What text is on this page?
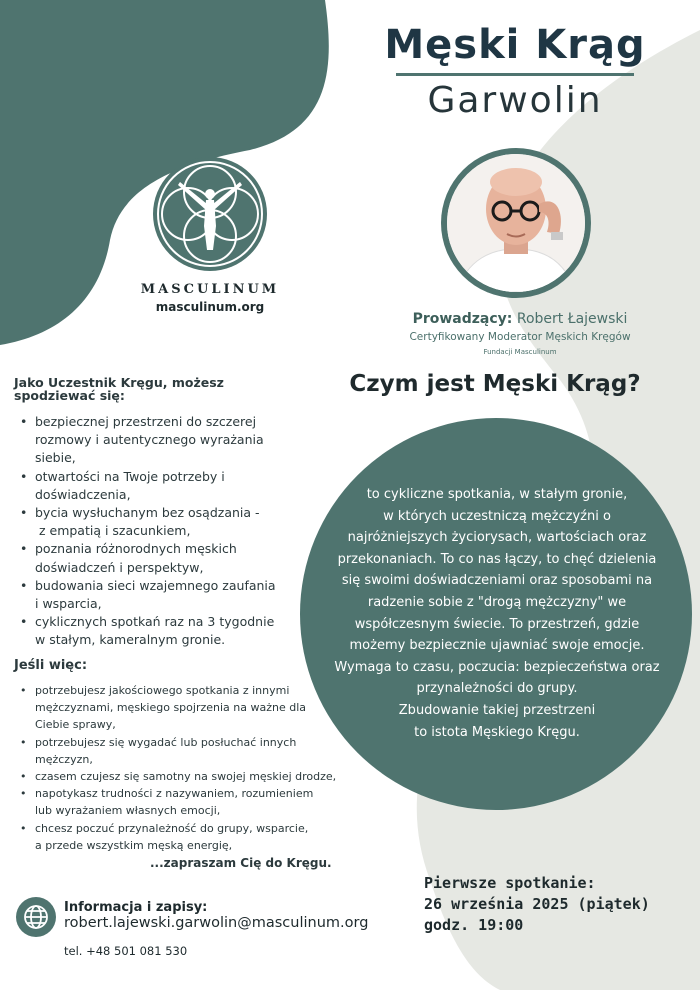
Męski Krąg
Garwolin
MASCULINUM
masculinum.org
Prowadzący: Robert Łajewski
Certyfikowany Moderator Męskich Kręgów
Fundacji Masculinum
Czym jest Męski Krąg?
to cykliczne spotkania, w stałym gronie,
w których uczestniczą mężczyźni o
najróżniejszych życiorysach, wartościach oraz
przekonaniach. To co nas łączy, to chęć dzielenia
się swoimi doświadczeniami oraz sposobami na
radzenie sobie z "drogą mężczyzny" we
współczesnym świecie. To przestrzeń, gdzie
możemy bezpiecznie ujawniać swoje emocje.
Wymaga to czasu, poczucia: bezpieczeństwa oraz
przynależności do grupy.
Zbudowanie takiej przestrzeni
to istota Męskiego Kręgu.
Jako Uczestnik Kręgu, możesz
spodziewać się:
• bezpiecznej przestrzeni do szczerej
rozmowy i autentycznego wyrażania
siebie,
• otwartości na Twoje potrzeby i
doświadczenia,
• bycia wysłuchanym bez osądzania -
z empatią i szacunkiem,
• poznania różnorodnych męskich
doświadczeń i perspektyw,
• budowania sieci wzajemnego zaufania
i wsparcia,
• cyklicznych spotkań raz na 3 tygodnie
w stałym, kameralnym gronie.
Jeśli więc:
• potrzebujesz jakościowego spotkania z innymi
mężczyznami, męskiego spojrzenia na ważne dla
Ciebie sprawy,
• potrzebujesz się wygadać lub posłuchać innych
mężczyzn,
• czasem czujesz się samotny na swojej męskiej drodze,
• napotykasz trudności z nazywaniem, rozumieniem
lub wyrażaniem własnych emocji,
• chcesz poczuć przynależność do grupy, wsparcie,
a przede wszystkim męską energię,
...zapraszam Cię do Kręgu.
Informacja i zapisy:
robert.lajewski.garwolin@masculinum.org
tel. +48 501 081 530
Pierwsze spotkanie:
26 września 2025 (piątek)
godz. 19:00
